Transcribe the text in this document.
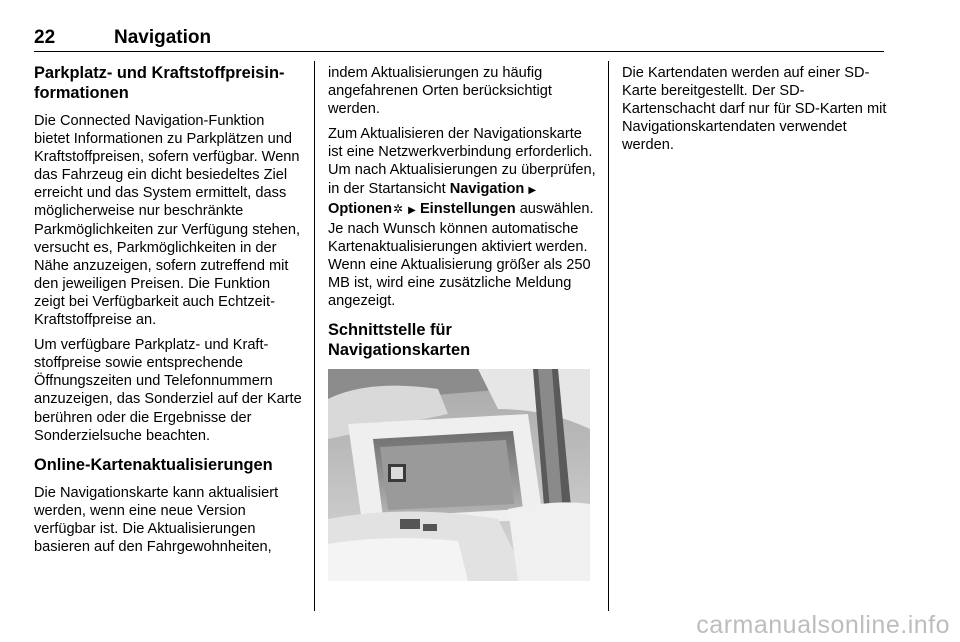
22	Navigation
Parkplatz- und Kraftstoffpreisinformationen

Die Connected Navigation-Funktion bietet Informationen zu Parkplätzen und Kraftstoffpreisen, sofern verfügbar. Wenn das Fahrzeug ein dicht besiedeltes Ziel erreicht und das System ermittelt, dass möglicherweise nur beschränkte Parkmöglichkeiten zur Verfügung stehen, versucht es, Parkmöglichkeiten in der Nähe anzuzeigen, sofern zutreffend mit den jeweiligen Preisen. Die Funktion zeigt bei Verfügbarkeit auch Echtzeit-Kraftstoffpreise an.

Um verfügbare Parkplatz- und Kraftstoffpreise sowie entsprechende Öffnungszeiten und Telefonnummern anzuzeigen, das Sonderziel auf der Karte berühren oder die Ergebnisse der Sonderzielsuche beachten.

Online-Kartenaktualisierungen

Die Navigationskarte kann aktualisiert werden, wenn eine neue Version verfügbar ist. Die Aktualisierungen basieren auf den Fahrgewohnheiten,

indem Aktualisierungen zu häufig angefahrenen Orten berücksichtigt werden.

Zum Aktualisieren der Navigationskarte ist eine Netzwerkverbindung erforderlich. Um nach Aktualisierungen zu überprüfen, in der Startansicht Navigation ▶ Optionen✲ ▶ Einstellungen auswählen. Je nach Wunsch können automatische Kartenaktualisierungen aktiviert werden. Wenn eine Aktualisierung größer als 250 MB ist, wird eine zusätzliche Meldung angezeigt.

Schnittstelle für Navigationskarten

Die Kartendaten werden auf einer SD-Karte bereitgestellt. Der SD-Kartenschacht darf nur für SD-Karten mit Navigationskartendaten verwendet werden.

carmanualsonline.info
